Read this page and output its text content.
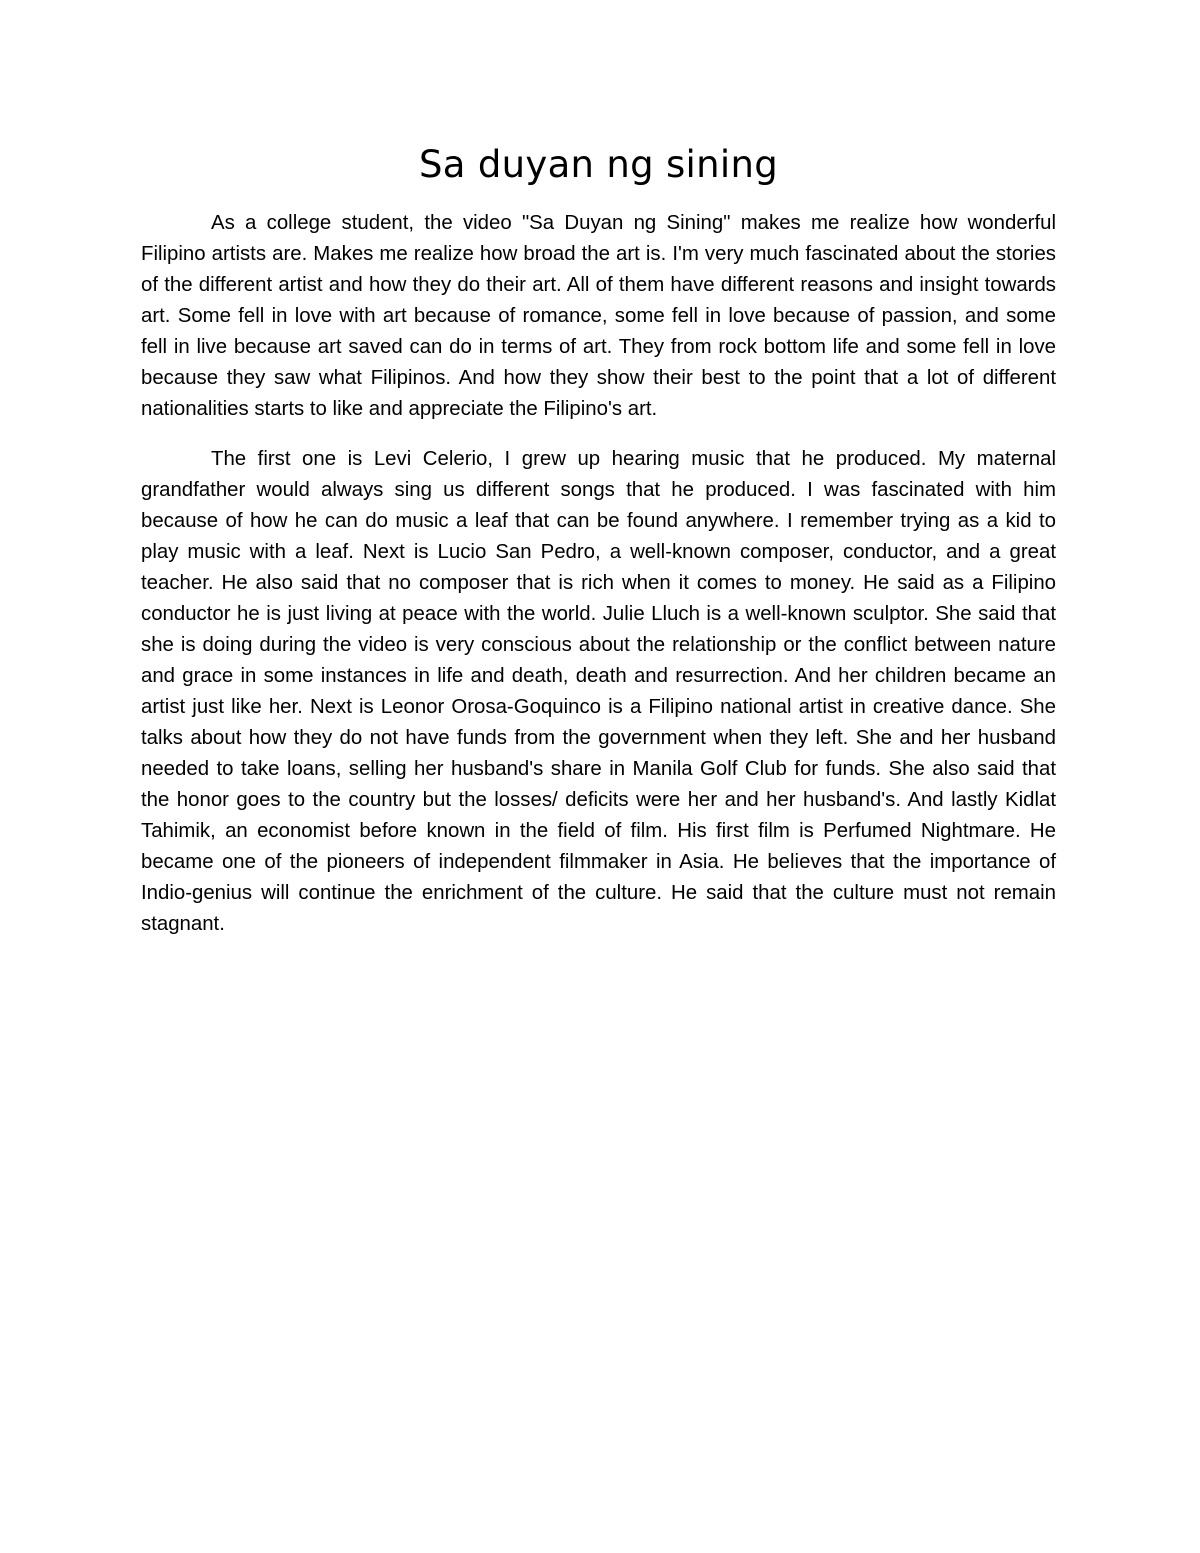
Sa duyan ng sining

As a college student, the video "Sa Duyan ng Sining" makes me realize how wonderful Filipino artists are. Makes me realize how broad the art is. I'm very much fascinated about the stories of the different artist and how they do their art. All of them have different reasons and insight towards art. Some fell in love with art because of romance, some fell in love because of passion, and some fell in live because art saved can do in terms of art. They from rock bottom life and some fell in love because they saw what Filipinos. And how they show their best to the point that a lot of different nationalities starts to like and appreciate the Filipino's art.

The first one is Levi Celerio, I grew up hearing music that he produced. My maternal grandfather would always sing us different songs that he produced. I was fascinated with him because of how he can do music a leaf that can be found anywhere. I remember trying as a kid to play music with a leaf. Next is Lucio San Pedro, a well-known composer, conductor, and a great teacher. He also said that no composer that is rich when it comes to money. He said as a Filipino conductor he is just living at peace with the world. Julie Lluch is a well-known sculptor. She said that she is doing during the video is very conscious about the relationship or the conflict between nature and grace in some instances in life and death, death and resurrection. And her children became an artist just like her. Next is Leonor Orosa-Goquinco is a Filipino national artist in creative dance. She talks about how they do not have funds from the government when they left. She and her husband needed to take loans, selling her husband's share in Manila Golf Club for funds. She also said that the honor goes to the country but the losses/ deficits were her and her husband's. And lastly Kidlat Tahimik, an economist before known in the field of film. His first film is Perfumed Nightmare. He became one of the pioneers of independent filmmaker in Asia. He believes that the importance of Indio-genius will continue the enrichment of the culture. He said that the culture must not remain stagnant.
